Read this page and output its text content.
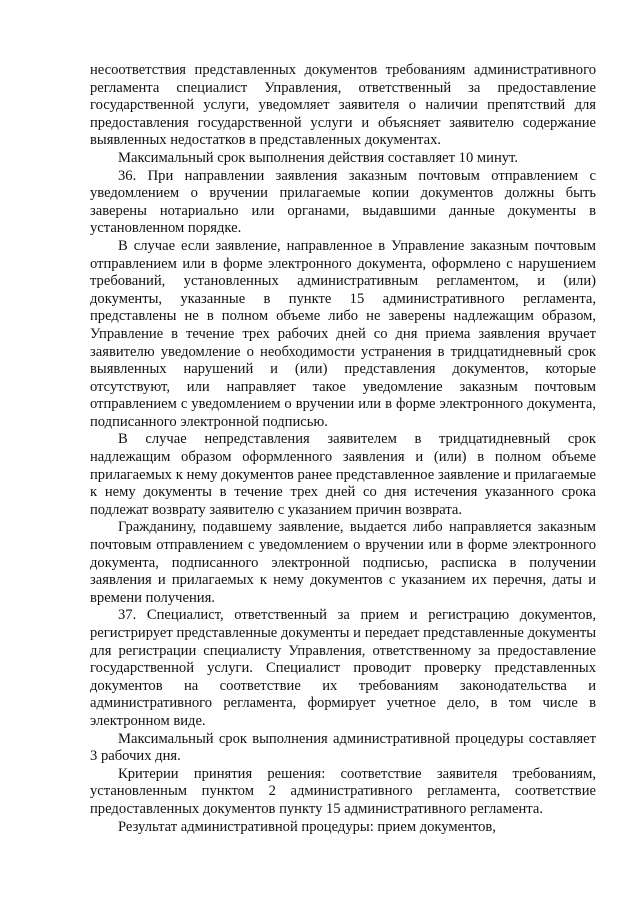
несоответствия представленных документов требованиям административного регламента специалист Управления, ответственный за предоставление государственной услуги, уведомляет заявителя о наличии препятствий для предоставления государственной услуги и объясняет заявителю содержание выявленных недостатков в представленных документах.

Максимальный срок выполнения действия составляет 10 минут.

36. При направлении заявления заказным почтовым отправлением с уведомлением о вручении прилагаемые копии документов должны быть заверены нотариально или органами, выдавшими данные документы в установленном порядке.

В случае если заявление, направленное в Управление заказным почтовым отправлением или в форме электронного документа, оформлено с нарушением требований, установленных административным регламентом, и (или) документы, указанные в пункте 15 административного регламента, представлены не в полном объеме либо не заверены надлежащим образом, Управление в течение трех рабочих дней со дня приема заявления вручает заявителю уведомление о необходимости устранения в тридцатидневный срок выявленных нарушений и (или) представления документов, которые отсутствуют, или направляет такое уведомление заказным почтовым отправлением с уведомлением о вручении или в форме электронного документа, подписанного электронной подписью.

В случае непредставления заявителем в тридцатидневный срок надлежащим образом оформленного заявления и (или) в полном объеме прилагаемых к нему документов ранее представленное заявление и прилагаемые к нему документы в течение трех дней со дня истечения указанного срока подлежат возврату заявителю с указанием причин возврата.

Гражданину, подавшему заявление, выдается либо направляется заказным почтовым отправлением с уведомлением о вручении или в форме электронного документа, подписанного электронной подписью, расписка в получении заявления и прилагаемых к нему документов с указанием их перечня, даты и времени получения.

37. Специалист, ответственный за прием и регистрацию документов, регистрирует представленные документы и передает представленные документы для регистрации специалисту Управления, ответственному за предоставление государственной услуги. Специалист проводит проверку представленных документов на соответствие их требованиям законодательства и административного регламента, формирует учетное дело, в том числе в электронном виде.

Максимальный срок выполнения административной процедуры составляет 3 рабочих дня.

Критерии принятия решения: соответствие заявителя требованиям, установленным пунктом 2 административного регламента, соответствие предоставленных документов пункту 15 административного регламента.

Результат административной процедуры: прием документов,
